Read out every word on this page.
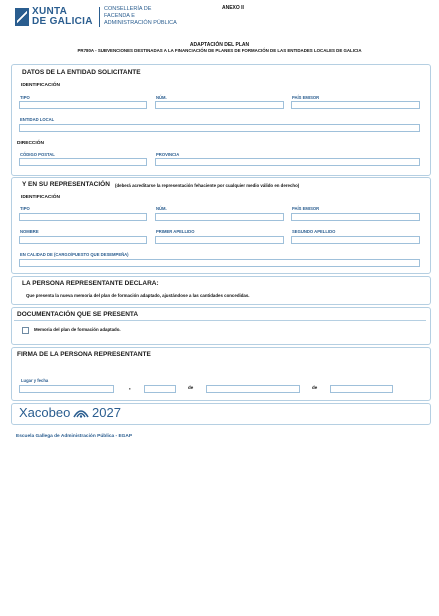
XUNTA
DE GALICIA
CONSELLERÍA DE
FACENDA E
ADMINISTRACIÓN PÚBLICA
ANEXO II
ADAPTACIÓN DEL PLAN
PR780A - SUBVENCIONES DESTINADAS A LA FINANCIACIÓN DE PLANES DE FORMACIÓN DE LAS ENTIDADES LOCALES DE GALICIA
DATOS DE LA ENTIDAD SOLICITANTE
IDENTIFICACIÓN
TIPO	NÚM.	PAÍS EMISOR
ENTIDAD LOCAL
DIRECCIÓN
CÓDIGO POSTAL	PROVINCIA
Y EN SU REPRESENTACIÓN (deberá acreditarse la representación fehaciente por cualquier medio válido en derecho)
IDENTIFICACIÓN
TIPO	NÚM.	PAÍS EMISOR
NOMBRE	PRIMER APELLIDO	SEGUNDO APELLIDO
EN CALIDAD DE (CARGO/PUESTO QUE DESEMPEÑA)
LA PERSONA REPRESENTANTE DECLARA:
Que presenta la nueva memoria del plan de formación adaptado, ajustándose a las cantidades concedidas.
DOCUMENTACIÓN QUE SE PRESENTA
Memoria del plan de formación adaptado.
FIRMA DE LA PERSONA REPRESENTANTE
Lugar y fecha
,	de	de
Xacobeo 2027
Escuela Gallega de Administración Pública - EGAP
